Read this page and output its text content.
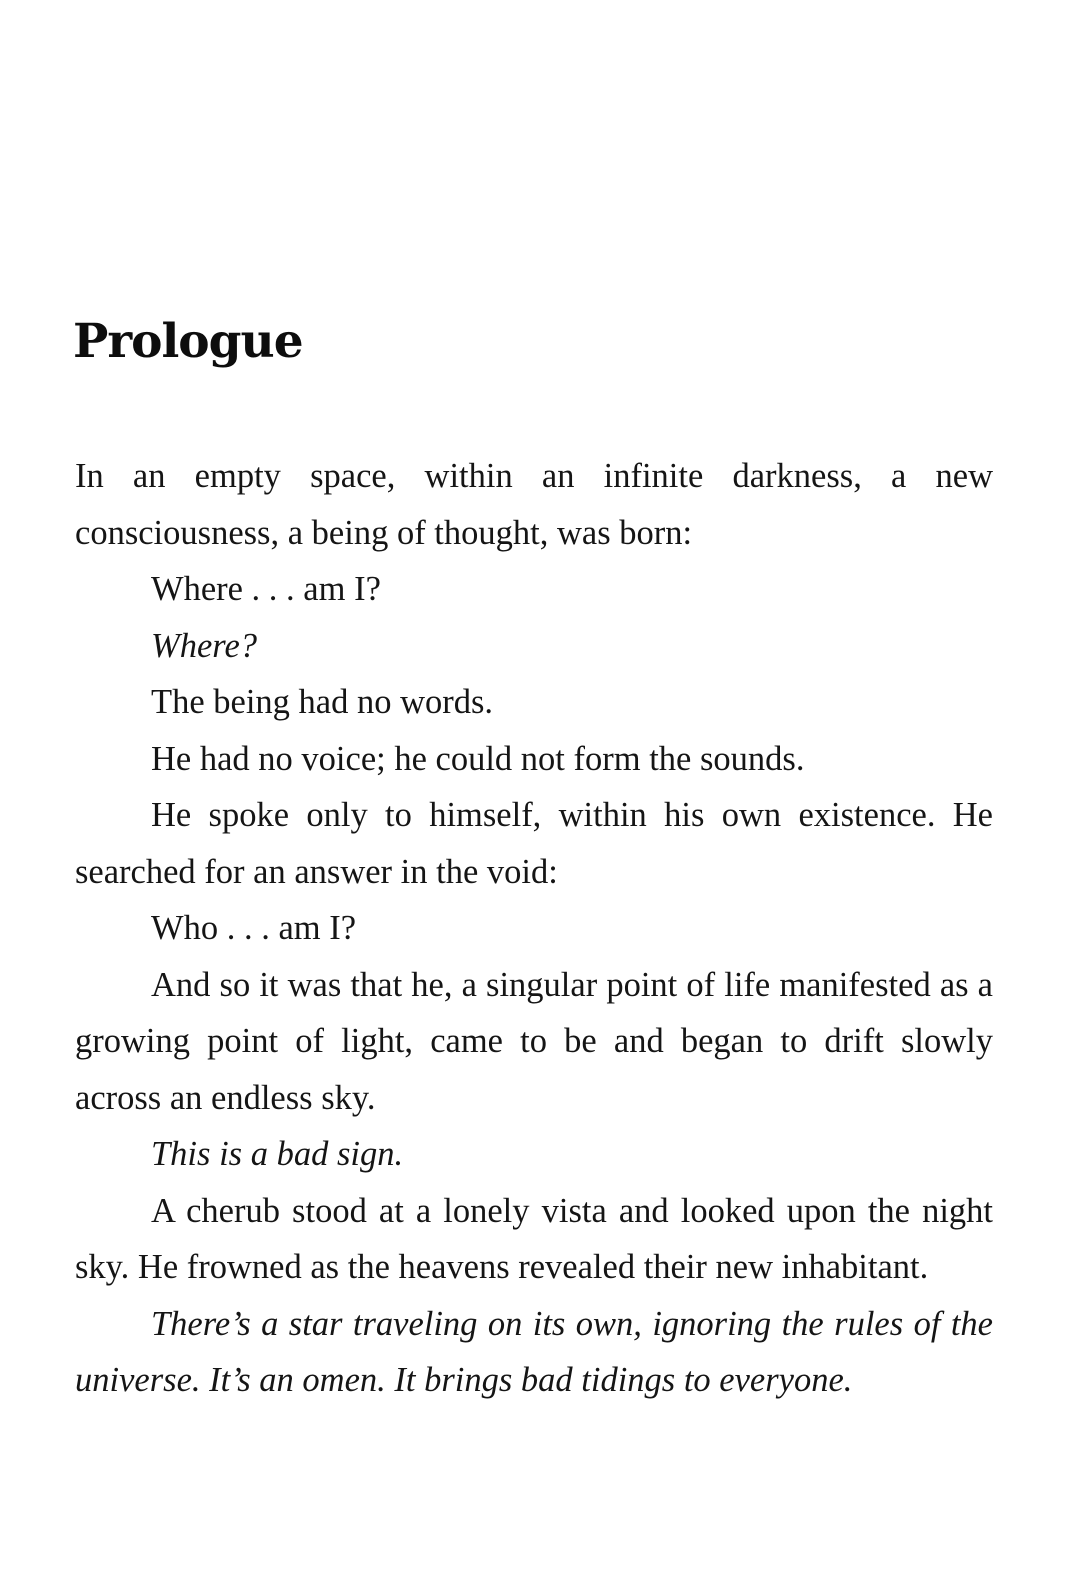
Prologue

In an empty space, within an infinite darkness, a new consciousness, a being of thought, was born:

Where . . . am I?

Where?

The being had no words.

He had no voice; he could not form the sounds.

He spoke only to himself, within his own existence. He searched for an answer in the void:

Who . . . am I?

And so it was that he, a singular point of life manifested as a growing point of light, came to be and began to drift slowly across an endless sky.

This is a bad sign.

A cherub stood at a lonely vista and looked upon the night sky. He frowned as the heavens revealed their new inhabitant.

There’s a star traveling on its own, ignoring the rules of the universe. It’s an omen. It brings bad tidings to everyone.
